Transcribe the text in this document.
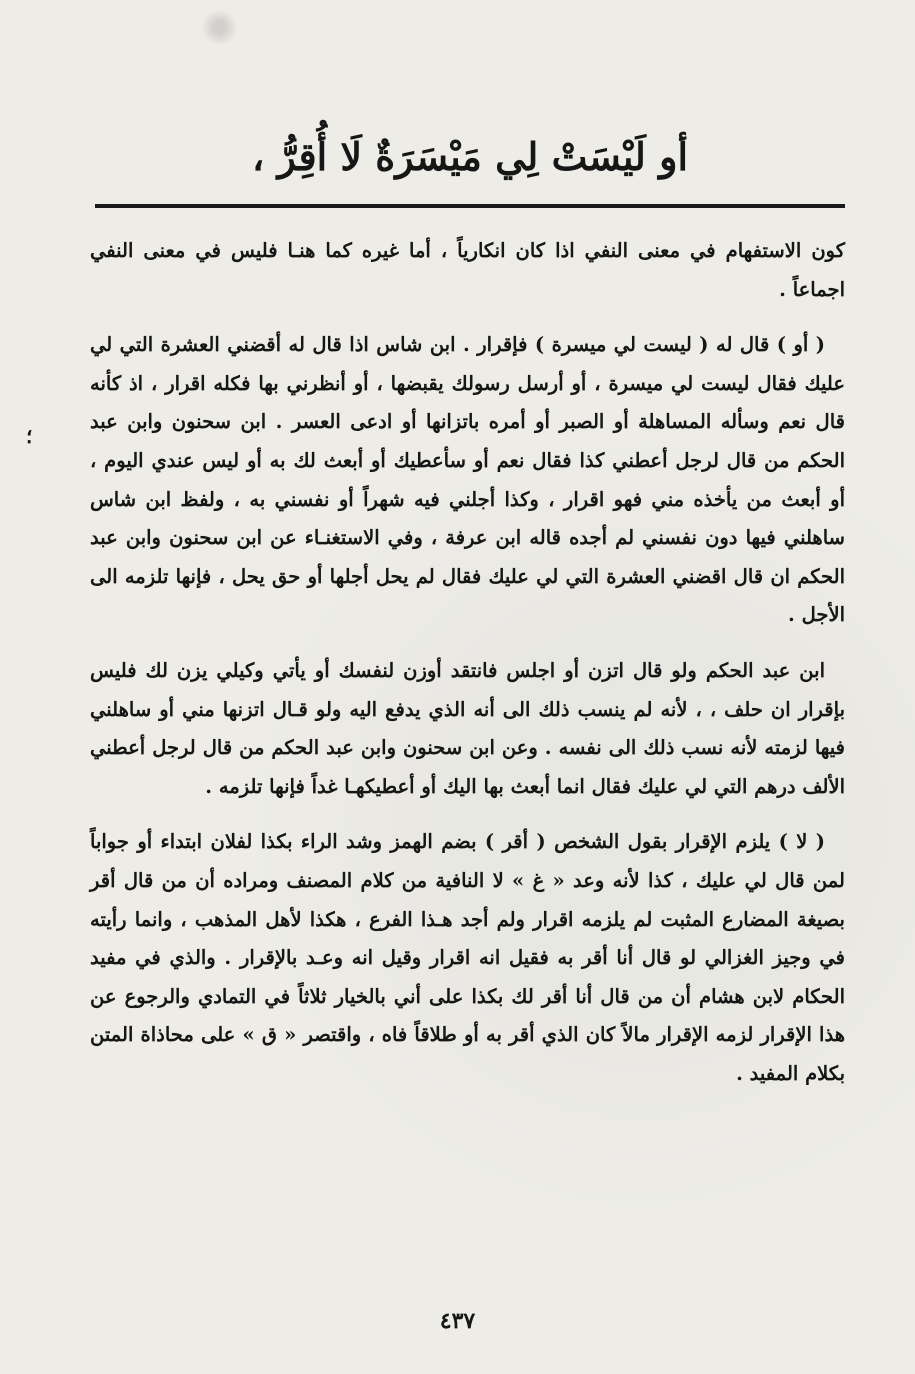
أو لَيْسَتْ لِي مَيْسَرَةٌ لَا أُقِرُّ ،
؛

كون الاستفهام في معنى النفي اذا كان انكارياً ، أما غيره كما هنـا فليس في معنى النفي اجماعاً .

( أو ) قال له ( ليست لي ميسرة ) فإقرار . ابن شاس اذا قال له أقضني العشرة التي لي عليك فقال ليست لي ميسرة ، أو أرسل رسولك يقبضها ، أو أنظرني بها فكله اقرار ، اذ كأنه قال نعم وسأله المساهلة أو الصبر أو أمره باتزانها أو ادعى العسر . ابن سحنون وابن عبد الحكم من قال لرجل أعطني كذا فقال نعم أو سأعطيك أو أبعث لك به أو ليس عندي اليوم ، أو أبعث من يأخذه مني فهو اقرار ، وكذا أجلني فيه شهراً أو نفسني به ، ولفظ ابن شاس ساهلني فيها دون نفسني لم أجده قاله ابن عرفة ، وفي الاستغنـاء عن ابن سحنون وابن عبد الحكم ان قال اقضني العشرة التي لي عليك فقال لم يحل أجلها أو حق يحل ، فإنها تلزمه الى الأجل .

ابن عبد الحكم ولو قال اتزن أو اجلس فانتقد أوزن لنفسك أو يأتي وكيلي يزن لك فليس بإقرار ان حلف ، ، لأنه لم ينسب ذلك الى أنه الذي يدفع اليه ولو قـال اتزنها مني أو ساهلني فيها لزمته لأنه نسب ذلك الى نفسه . وعن ابن سحنون وابن عبد الحكم من قال لرجل أعطني الألف درهم التي لي عليك فقال انما أبعث بها اليك أو أعطيكهـا غداً فإنها تلزمه .

( لا ) يلزم الإقرار بقول الشخص ( أقر ) بضم الهمز وشد الراء بكذا لفلان ابتداء أو جواباً لمن قال لي عليك ، كذا لأنه وعد « غ » لا النافية من كلام المصنف ومراده أن من قال أقر بصيغة المضارع المثبت لم يلزمه اقرار ولم أجد هـذا الفرع ، هكذا لأهل المذهب ، وانما رأيته في وجيز الغزالي لو قال أنا أقر به فقيل انه اقرار وقيل انه وعـد بالإقرار . والذي في مفيد الحكام لابن هشام أن من قال أنا أقر لك بكذا على أني بالخيار ثلاثاً في التمادي والرجوع عن هذا الإقرار لزمه الإقرار مالاً كان الذي أقر به أو طلاقاً فاه ، واقتصر « ق » على محاذاة المتن بكلام المفيد .

٤٣٧
